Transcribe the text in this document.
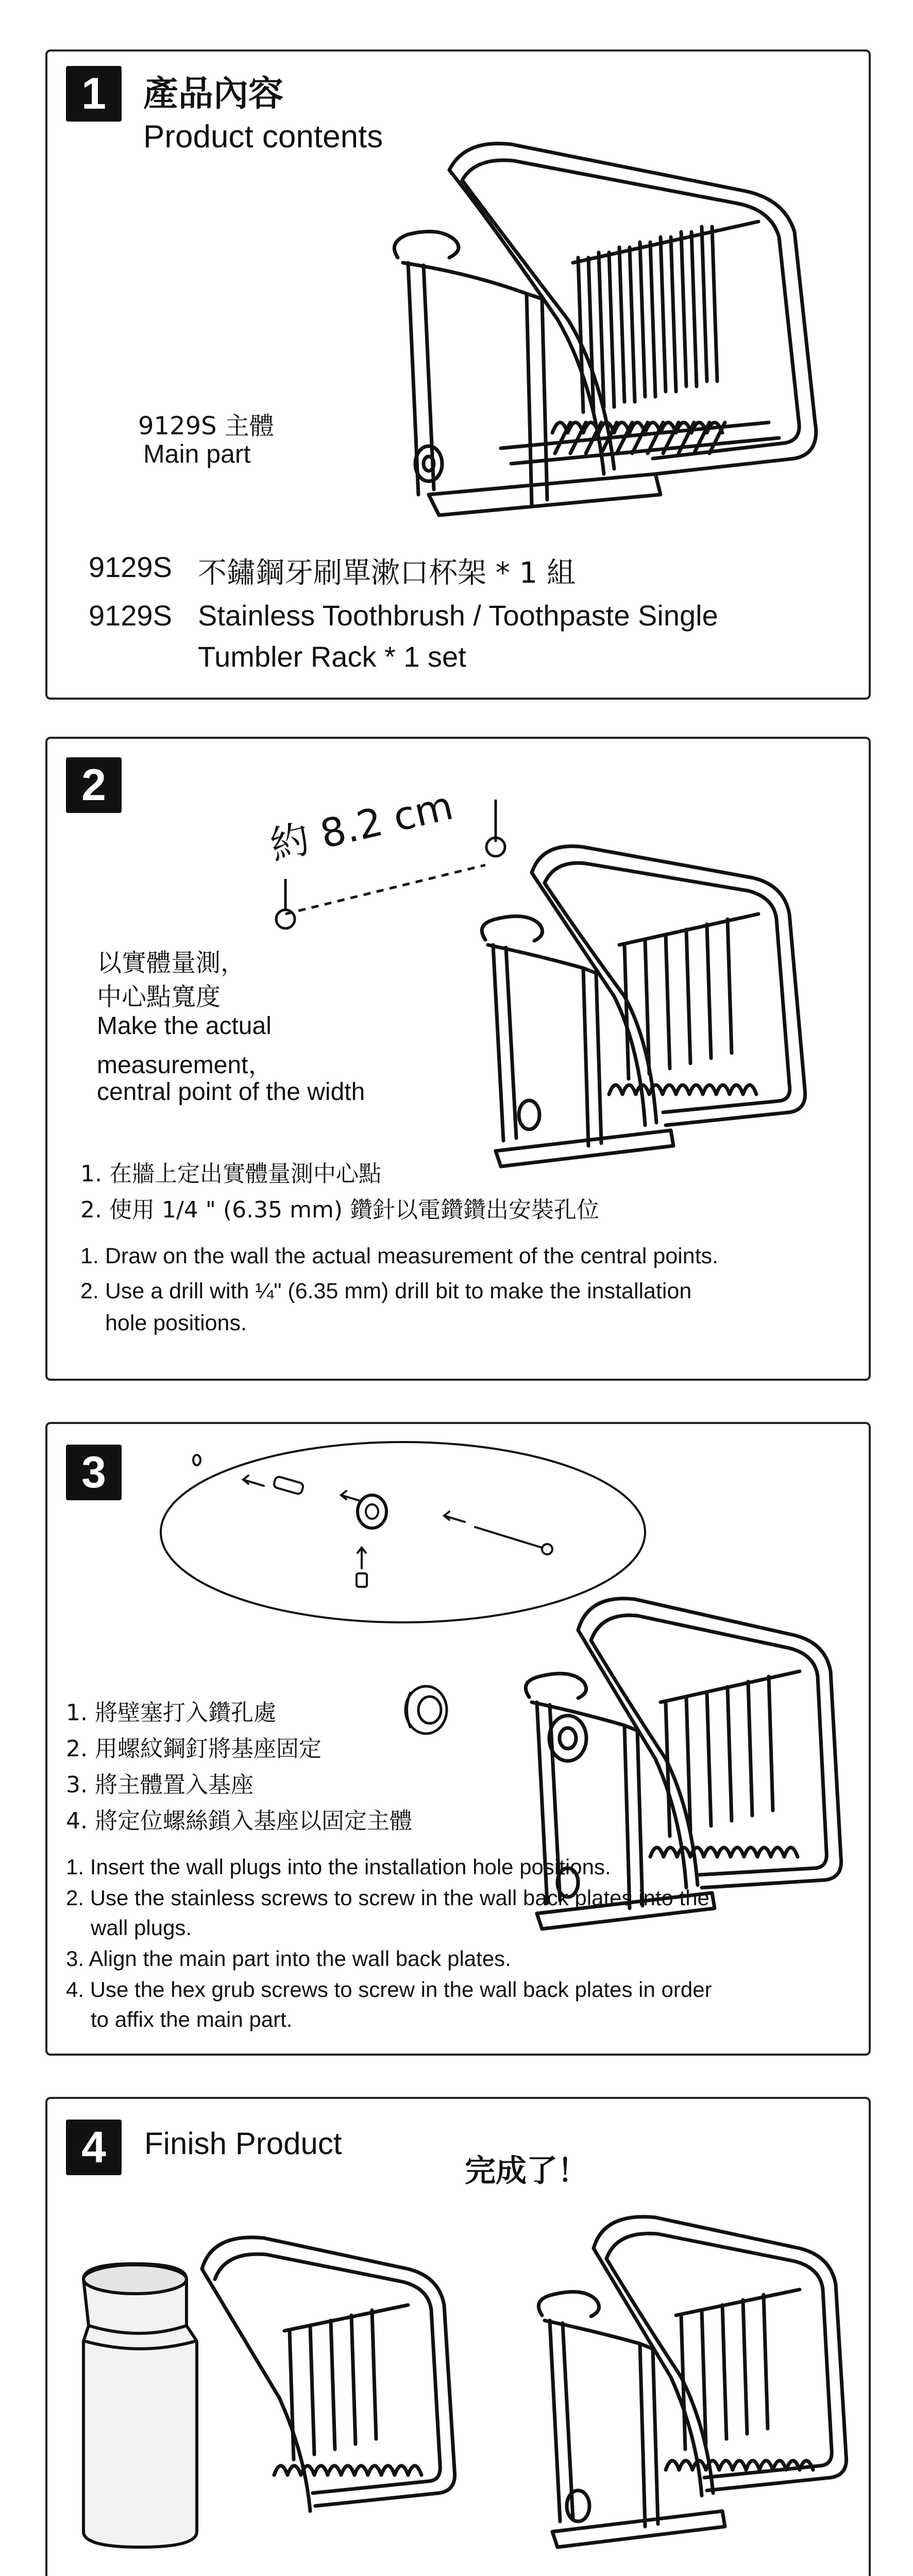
1	產品內容
Product contents
9129S 主體
Main part
9129S 不鏽鋼牙刷單漱口杯架 * 1 組
9129S Stainless Toothbrush / Toothpaste Single
Tumbler Rack * 1 set
2	約 8.2 cm
以實體量測，
中心點寬度
Make the actual
measurement，
central point of the width
1. 在牆上定出實體量測中心點
2. 使用 1/4 " (6.35 mm) 鑽針以電鑽鑽出安裝孔位
1. Draw on the wall the actual measurement of the central points.
2. Use a drill with ¼" (6.35 mm) drill bit to make the installation
hole positions.
3
1. 將壁塞打入鑽孔處
2. 用螺紋鋼釘將基座固定
3. 將主體置入基座
4. 將定位螺絲鎖入基座以固定主體
1. Insert the wall plugs into the installation hole positions.
2. Use the stainless screws to screw in the wall back plates into the
wall plugs.
3. Align the main part into the wall back plates.
4. Use the hex grub screws to screw in the wall back plates in order
to affix the main part.
4	Finish Product
完成了！
